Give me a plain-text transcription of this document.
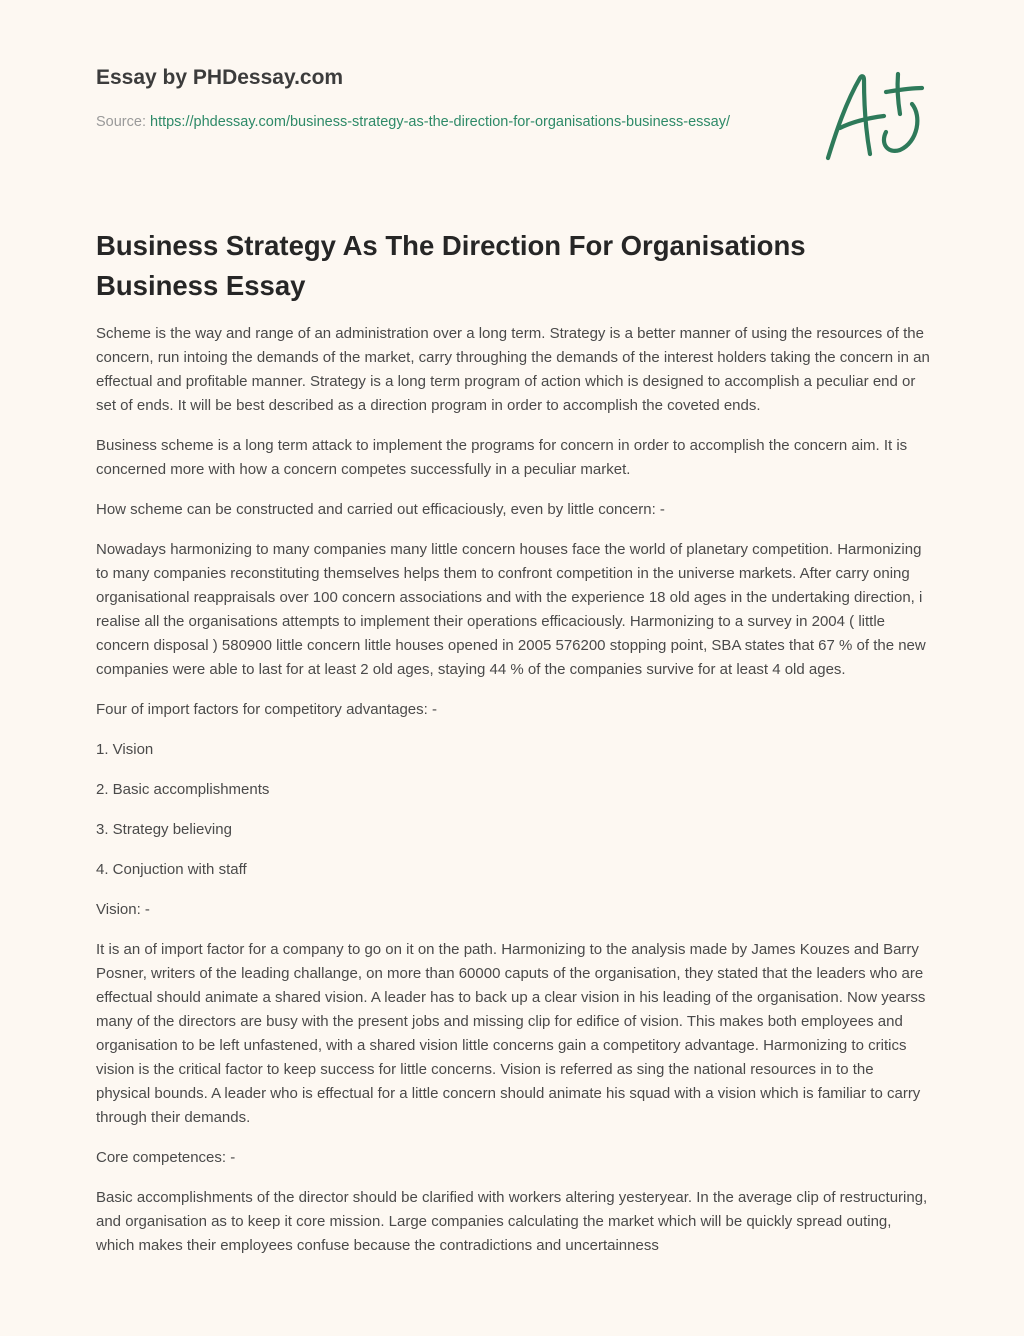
Essay by PHDessay.com
Source: https://phdessay.com/business-strategy-as-the-direction-for-organisations-business-essay/
Business Strategy As The Direction For Organisations Business Essay

Scheme is the way and range of an administration over a long term. Strategy is a better manner of using the resources of the concern, run intoing the demands of the market, carry throughing the demands of the interest holders taking the concern in an effectual and profitable manner. Strategy is a long term program of action which is designed to accomplish a peculiar end or set of ends. It will be best described as a direction program in order to accomplish the coveted ends.

Business scheme is a long term attack to implement the programs for concern in order to accomplish the concern aim. It is concerned more with how a concern competes successfully in a peculiar market.

How scheme can be constructed and carried out efficaciously, even by little concern: -

Nowadays harmonizing to many companies many little concern houses face the world of planetary competition. Harmonizing to many companies reconstituting themselves helps them to confront competition in the universe markets. After carry oning organisational reappraisals over 100 concern associations and with the experience 18 old ages in the undertaking direction, i realise all the organisations attempts to implement their operations efficaciously. Harmonizing to a survey in 2004 ( little concern disposal ) 580900 little concern little houses opened in 2005 576200 stopping point, SBA states that 67 % of the new companies were able to last for at least 2 old ages, staying 44 % of the companies survive for at least 4 old ages.

Four of import factors for competitory advantages: -

1. Vision

2. Basic accomplishments

3. Strategy believing

4. Conjuction with staff

Vision: -

It is an of import factor for a company to go on it on the path. Harmonizing to the analysis made by James Kouzes and Barry Posner, writers of the leading challange, on more than 60000 caputs of the organisation, they stated that the leaders who are effectual should animate a shared vision. A leader has to back up a clear vision in his leading of the organisation. Now yearss many of the directors are busy with the present jobs and missing clip for edifice of vision. This makes both employees and organisation to be left unfastened, with a shared vision little concerns gain a competitory advantage. Harmonizing to critics vision is the critical factor to keep success for little concerns. Vision is referred as sing the national resources in to the physical bounds. A leader who is effectual for a little concern should animate his squad with a vision which is familiar to carry through their demands.

Core competences: -

Basic accomplishments of the director should be clarified with workers altering yesteryear. In the average clip of restructuring, and organisation as to keep it core mission. Large companies calculating the market which will be quickly spread outing, which makes their employees confuse because the contradictions and uncertainness
